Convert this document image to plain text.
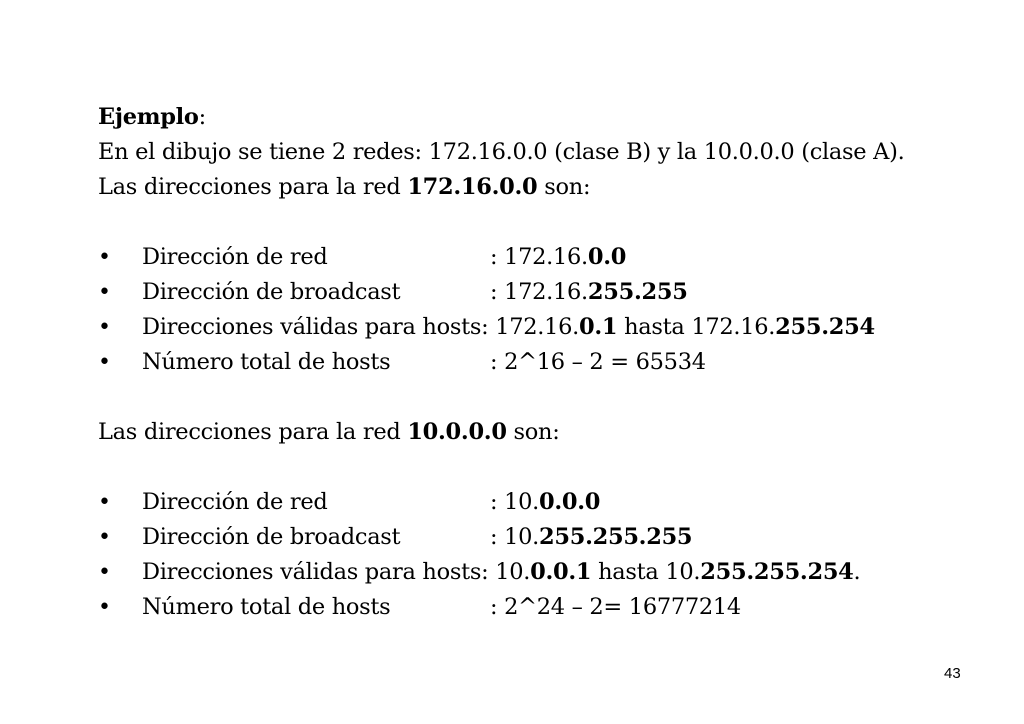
Ejemplo:
En el dibujo se tiene 2 redes: 172.16.0.0 (clase B) y la 10.0.0.0 (clase A).
Las direcciones para la red 172.16.0.0 son:
•	Dirección de red	: 172.16.0.0
•	Dirección de broadcast	: 172.16.255.255
•	Direcciones válidas para hosts: 172.16.0.1 hasta 172.16.255.254
•	Número total de hosts	: 2^16 – 2 = 65534
Las direcciones para la red 10.0.0.0 son:
•	Dirección de red	: 10.0.0.0
•	Dirección de broadcast	: 10.255.255.255
•	Direcciones válidas para hosts: 10.0.0.1 hasta 10.255.255.254.
•	Número total de hosts	: 2^24 – 2= 16777214
43
